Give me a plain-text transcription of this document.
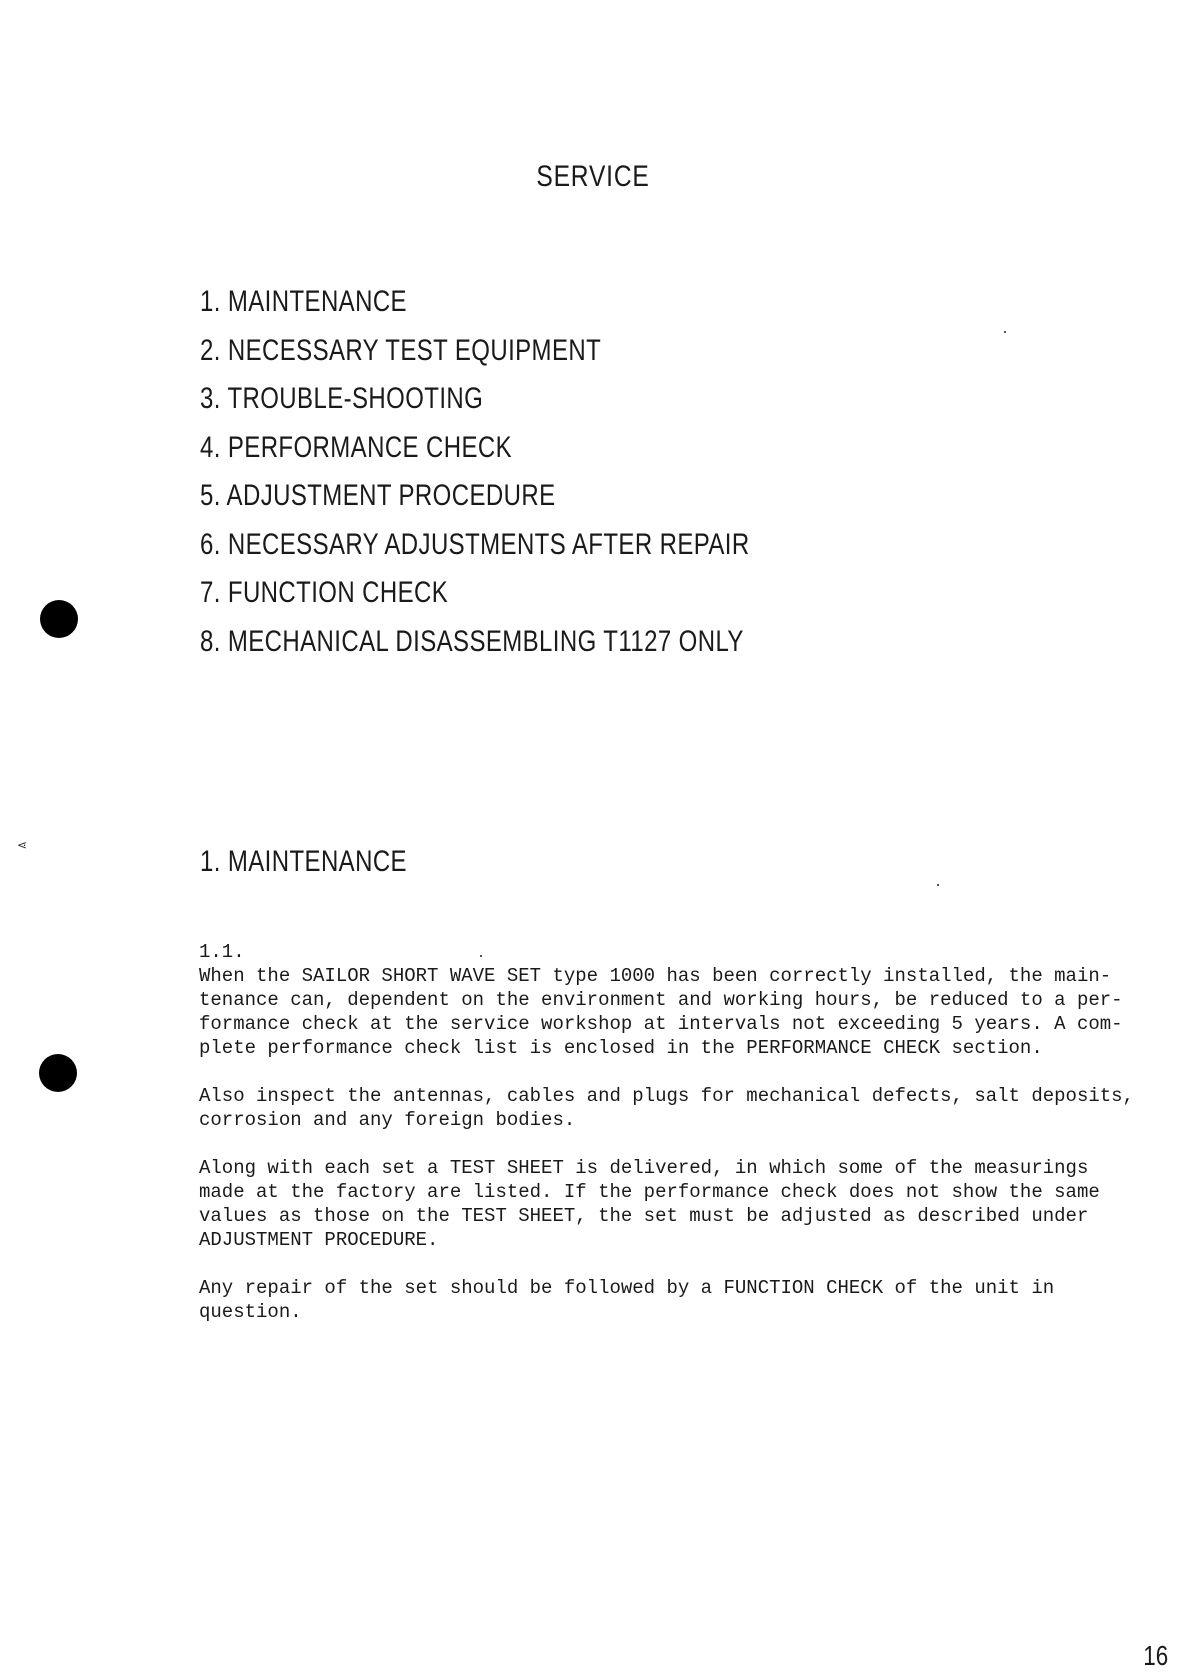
SERVICE
1. MAINTENANCE
2. NECESSARY TEST EQUIPMENT
3. TROUBLE-SHOOTING
4. PERFORMANCE CHECK
5. ADJUSTMENT PROCEDURE
6. NECESSARY ADJUSTMENTS AFTER REPAIR
7. FUNCTION CHECK
8. MECHANICAL DISASSEMBLING T1127 ONLY
1. MAINTENANCE

1.1.

When the SAILOR SHORT WAVE SET type 1000 has been correctly installed, the main-
tenance can, dependent on the environment and working hours, be reduced to a per-
formance check at the service workshop at intervals not exceeding 5 years. A com-
plete performance check list is enclosed in the PERFORMANCE CHECK section.

Also inspect the antennas, cables and plugs for mechanical defects, salt deposits,
corrosion and any foreign bodies.

Along with each set a TEST SHEET is delivered, in which some of the measurings
made at the factory are listed. If the performance check does not show the same
values as those on the TEST SHEET, the set must be adjusted as described under
ADJUSTMENT PROCEDURE.

Any repair of the set should be followed by a FUNCTION CHECK of the unit in
question.

⋖
16
